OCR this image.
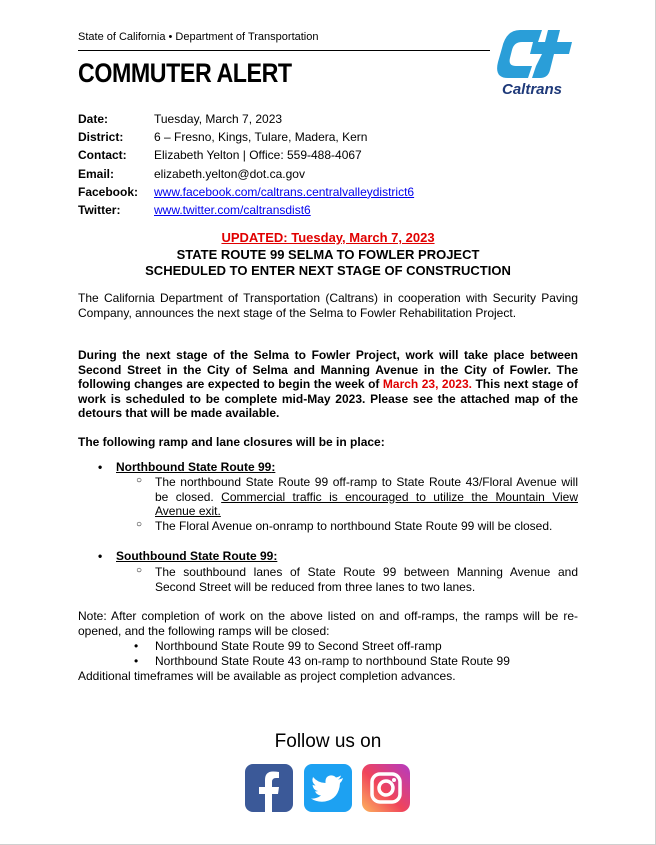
State of California • Department of Transportation
COMMUTER ALERT
Caltrans
Date:	Tuesday, March 7, 2023
District:	6 – Fresno, Kings, Tulare, Madera, Kern
Contact:	Elizabeth Yelton | Office: 559-488-4067
Email:	elizabeth.yelton@dot.ca.gov
Facebook:	www.facebook.com/caltrans.centralvalleydistrict6
Twitter:	www.twitter.com/caltransdist6
UPDATED: Tuesday, March 7, 2023
STATE ROUTE 99 SELMA TO FOWLER PROJECT
SCHEDULED TO ENTER NEXT STAGE OF CONSTRUCTION
The California Department of Transportation (Caltrans) in cooperation with Security Paving Company, announces the next stage of the Selma to Fowler Rehabilitation Project.
During the next stage of the Selma to Fowler Project, work will take place between Second Street in the City of Selma and Manning Avenue in the City of Fowler. The following changes are expected to begin the week of March 23, 2023. This next stage of work is scheduled to be complete mid-May 2023. Please see the attached map of the detours that will be made available.
The following ramp and lane closures will be in place:
• Northbound State Route 99:
○ The northbound State Route 99 off-ramp to State Route 43/Floral Avenue will be closed. Commercial traffic is encouraged to utilize the Mountain View Avenue exit.
○ The Floral Avenue on-onramp to northbound State Route 99 will be closed.
• Southbound State Route 99:
○ The southbound lanes of State Route 99 between Manning Avenue and Second Street will be reduced from three lanes to two lanes.
Note: After completion of work on the above listed on and off-ramps, the ramps will be re-opened, and the following ramps will be closed:
• Northbound State Route 99 to Second Street off-ramp
• Northbound State Route 43 on-ramp to northbound State Route 99
Additional timeframes will be available as project completion advances.
Follow us on
